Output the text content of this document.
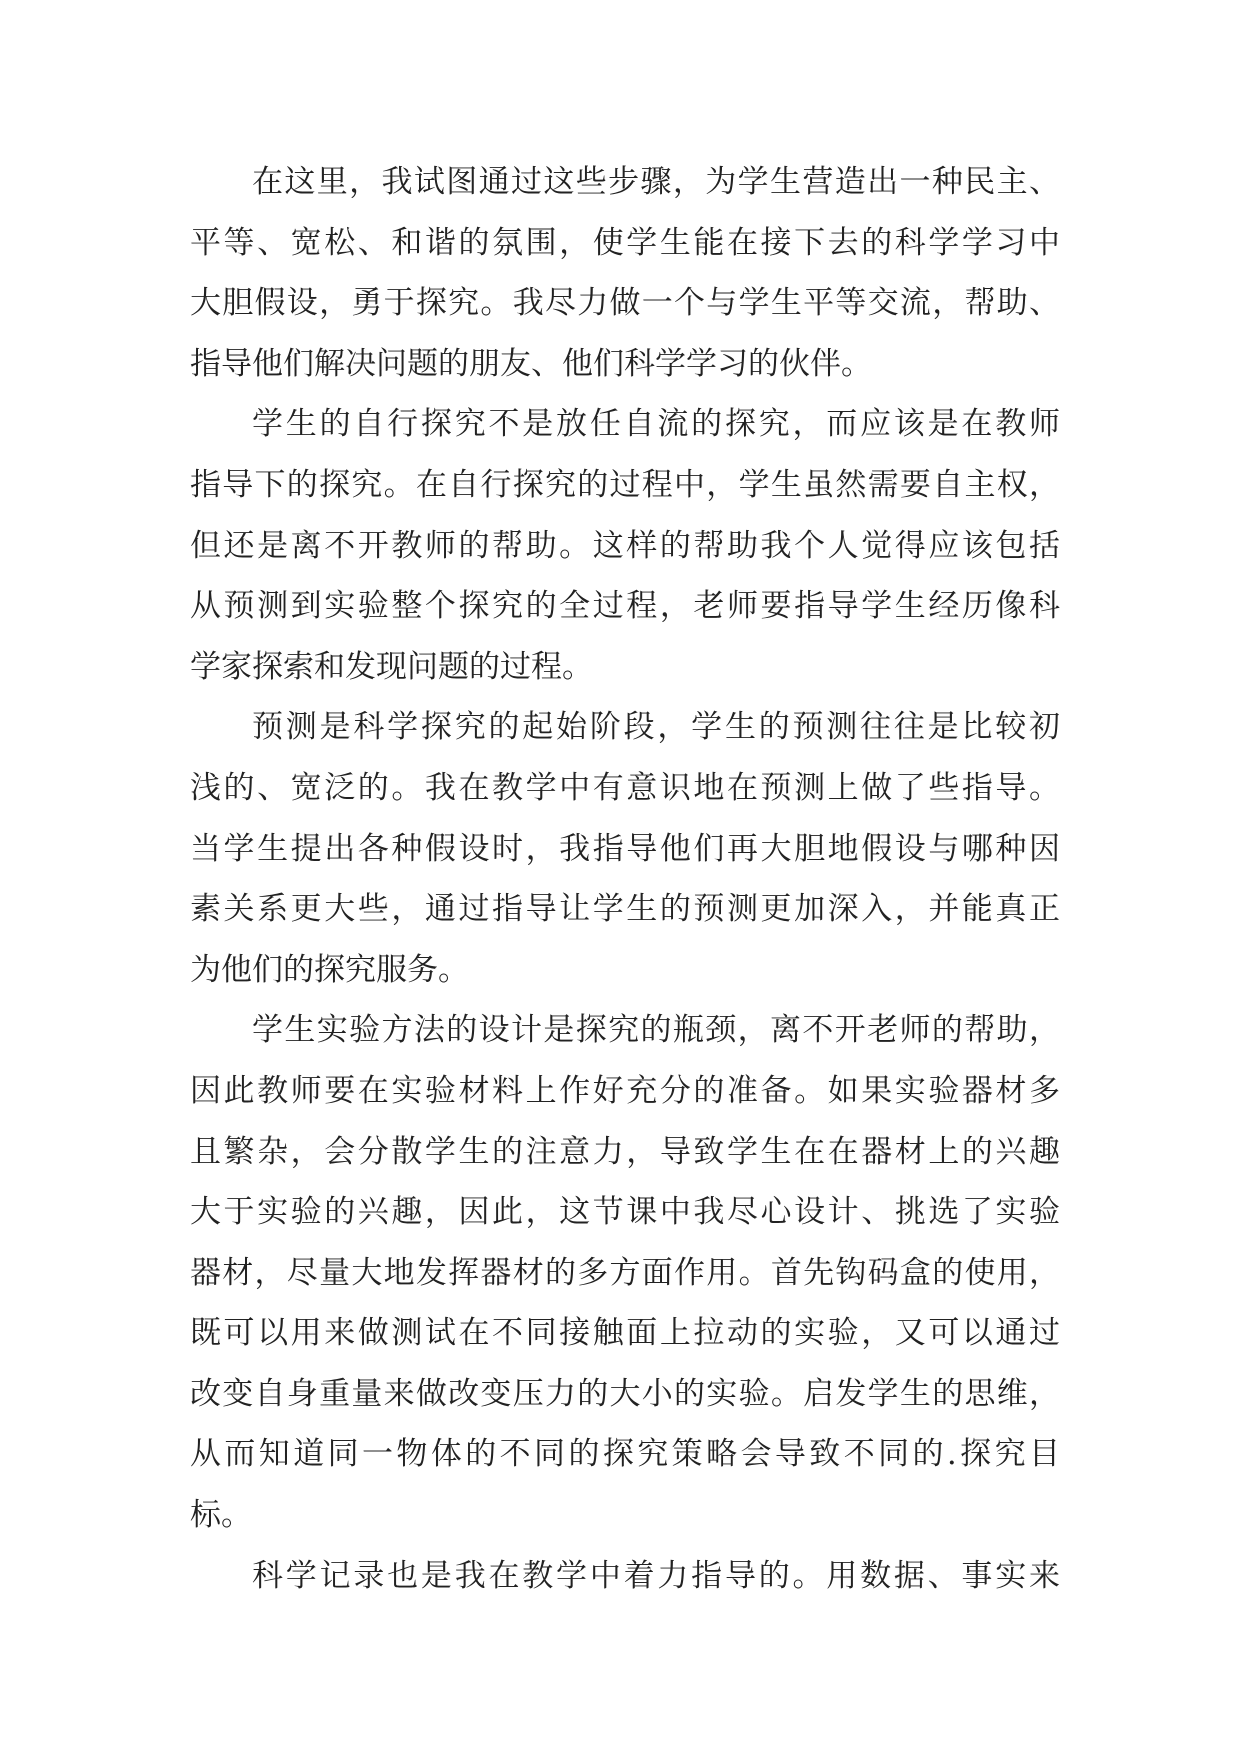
在这里，我试图通过这些步骤，为学生营造出一种民主、
平等、宽松、和谐的氛围，使学生能在接下去的科学学习中
大胆假设，勇于探究。我尽力做一个与学生平等交流，帮助、
指导他们解决问题的朋友、他们科学学习的伙伴。
学生的自行探究不是放任自流的探究，而应该是在教师
指导下的探究。在自行探究的过程中，学生虽然需要自主权，
但还是离不开教师的帮助。这样的帮助我个人觉得应该包括
从预测到实验整个探究的全过程，老师要指导学生经历像科
学家探索和发现问题的过程。
预测是科学探究的起始阶段，学生的预测往往是比较初
浅的、宽泛的。我在教学中有意识地在预测上做了些指导。
当学生提出各种假设时，我指导他们再大胆地假设与哪种因
素关系更大些，通过指导让学生的预测更加深入，并能真正
为他们的探究服务。
学生实验方法的设计是探究的瓶颈，离不开老师的帮助，
因此教师要在实验材料上作好充分的准备。如果实验器材多
且繁杂，会分散学生的注意力，导致学生在在器材上的兴趣
大于实验的兴趣，因此，这节课中我尽心设计、挑选了实验
器材，尽量大地发挥器材的多方面作用。首先钩码盒的使用，
既可以用来做测试在不同接触面上拉动的实验，又可以通过
改变自身重量来做改变压力的大小的实验。启发学生的思维，
从而知道同一物体的不同的探究策略会导致不同的.探究目
标。
科学记录也是我在教学中着力指导的。用数据、事实来
